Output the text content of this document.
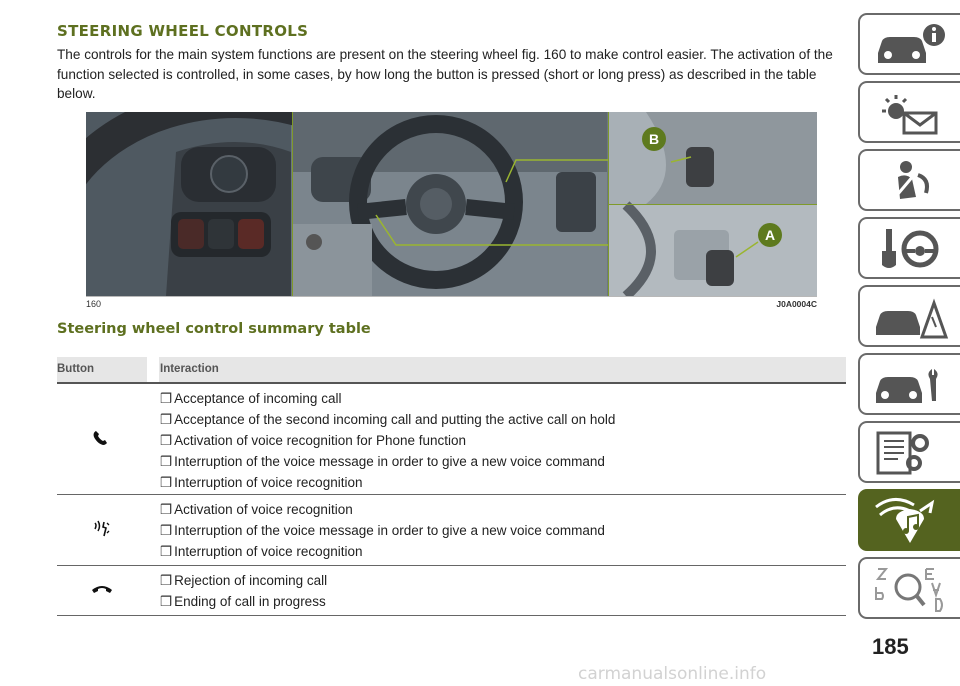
STEERING WHEEL CONTROLS

The controls for the main system functions are present on the steering wheel fig. 160 to make control easier. The activation of the function selected is controlled, in some cases, by how long the button is pressed (short or long press) as described in the table below.

B
A
160	J0A0004C
Steering wheel control summary table
Button	Interaction
❒ Acceptance of incoming call
❒ Acceptance of the second incoming call and putting the active call on hold
❒ Activation of voice recognition for Phone function
❒ Interruption of the voice message in order to give a new voice command
❒ Interruption of voice recognition
❒ Activation of voice recognition
❒ Interruption of the voice message in order to give a new voice command
❒ Interruption of voice recognition
❒ Rejection of incoming call
❒ Ending of call in progress
185
carmanualsonline.info
